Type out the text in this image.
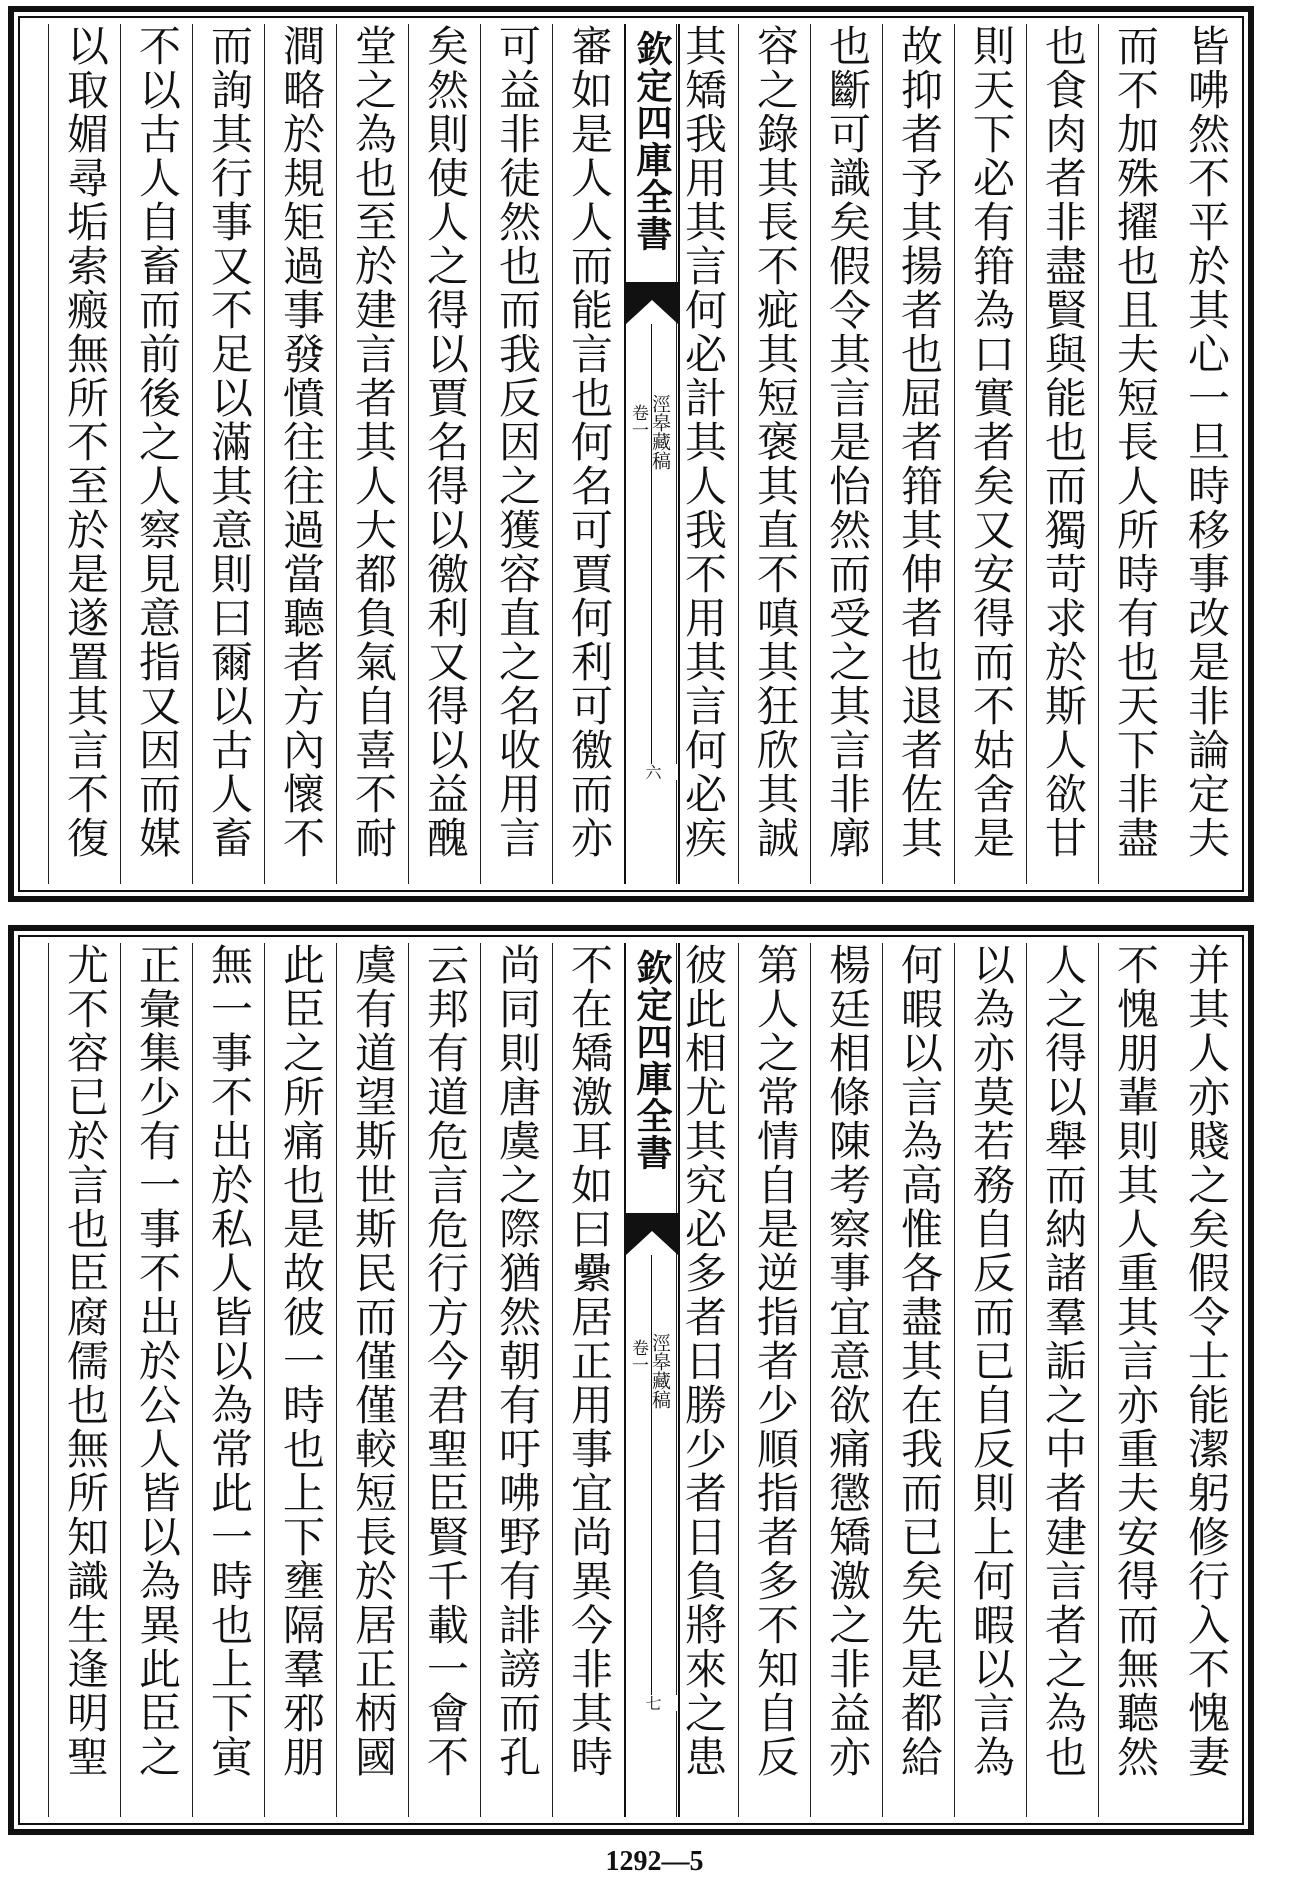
皆咈然不平於其心一旦時移事改是非論定夫
而不加殊擢也且夫短長人所時有也天下非盡
也食肉者非盡賢與能也而獨苛求於斯人欲甘
則天下必有箝為口實者矣又安得而不姑舍是
故抑者予其揚者也屈者箝其伸者也退者佐其
也斷可識矣假令其言是怡然而受之其言非廓
容之錄其長不疵其短褒其直不嗔其狂欣其誠
其矯我用其言何必計其人我不用其言何必疾
欽定四庫全書
涇皋藏稿
卷一
六
審如是人人而能言也何名可賈何利可徼而亦
可益非徒然也而我反因之獲容直之名收用言
矣然則使人之得以賈名得以徼利又得以益醜
堂之為也至於建言者其人大都負氣自喜不耐
澗略於規矩過事發憤往往過當聽者方內懷不
而詢其行事又不足以滿其意則曰爾以古人畜
不以古人自畜而前後之人察見意指又因而媒
以取媚尋垢索瘢無所不至於是遂置其言不復
并其人亦賤之矣假令士能潔躬修行入不愧妻
不愧朋輩則其人重其言亦重夫安得而無聽然
人之得以舉而納諸羣詬之中者建言者之為也
以為亦莫若務自反而已自反則上何暇以言為
何暇以言為高惟各盡其在我而已矣先是都給
楊廷相條陳考察事宜意欲痛懲矯激之非益亦
第人之常情自是逆指者少順指者多不知自反
彼此相尤其究必多者日勝少者日負將來之患
欽定四庫全書
涇皋藏稿
卷一
七
不在矯激耳如曰纍居正用事宜尚異今非其時
尚同則唐虞之際猶然朝有吁咈野有誹謗而孔
云邦有道危言危行方今君聖臣賢千載一會不
虞有道望斯世斯民而僅僅較短長於居正柄國
此臣之所痛也是故彼一時也上下壅隔羣邪朋
無一事不出於私人皆以為常此一時也上下寅
正彙集少有一事不出於公人皆以為異此臣之
尤不容已於言也臣腐儒也無所知識生逢明聖
1292—5
